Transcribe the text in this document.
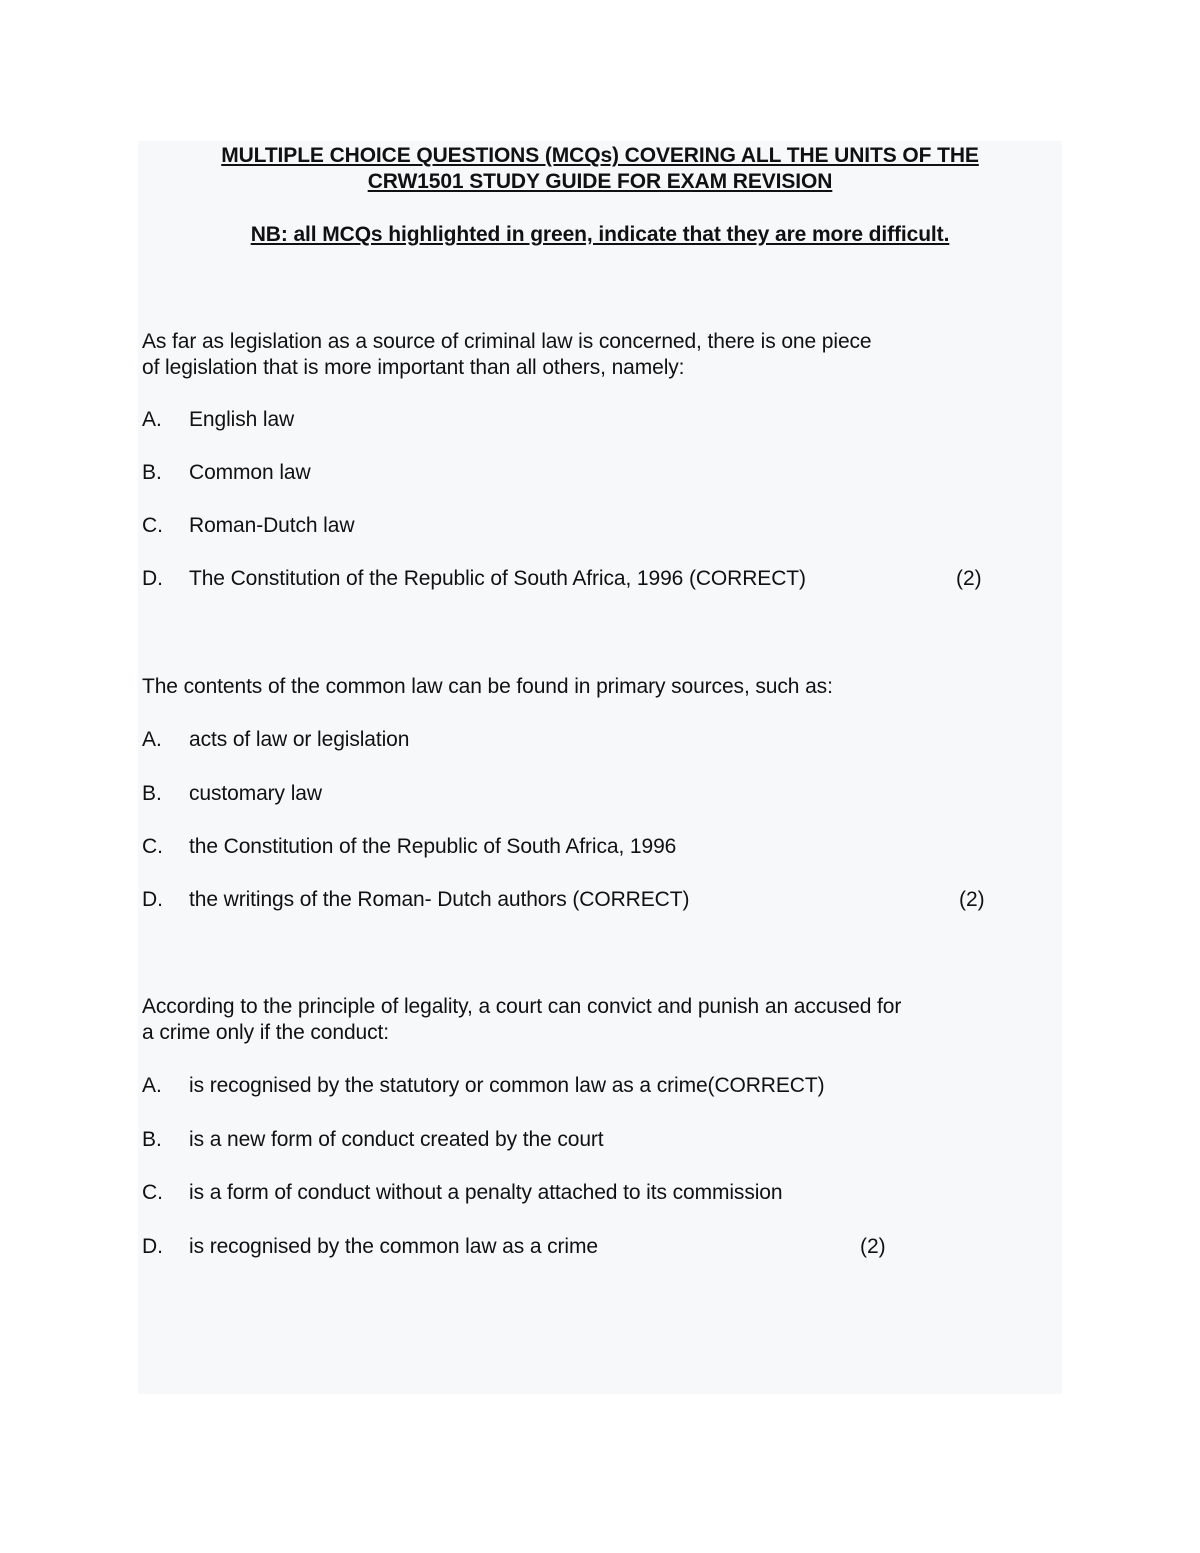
MULTIPLE CHOICE QUESTIONS (MCQs) COVERING ALL THE UNITS OF THE
CRW1501 STUDY GUIDE FOR EXAM REVISION
NB: all MCQs highlighted in green, indicate that they are more difficult.
As far as legislation as a source of criminal law is concerned, there is one piece
of legislation that is more important than all others, namely:
A. English law
B. Common law
C. Roman-Dutch law
D. The Constitution of the Republic of South Africa, 1996 (CORRECT)	(2)
The contents of the common law can be found in primary sources, such as:
A. acts of law or legislation
B. customary law
C. the Constitution of the Republic of South Africa, 1996
D. the writings of the Roman- Dutch authors (CORRECT)	(2)
According to the principle of legality, a court can convict and punish an accused for
a crime only if the conduct:
A. is recognised by the statutory or common law as a crime(CORRECT)
B. is a new form of conduct created by the court
C. is a form of conduct without a penalty attached to its commission
D. is recognised by the common law as a crime	(2)
